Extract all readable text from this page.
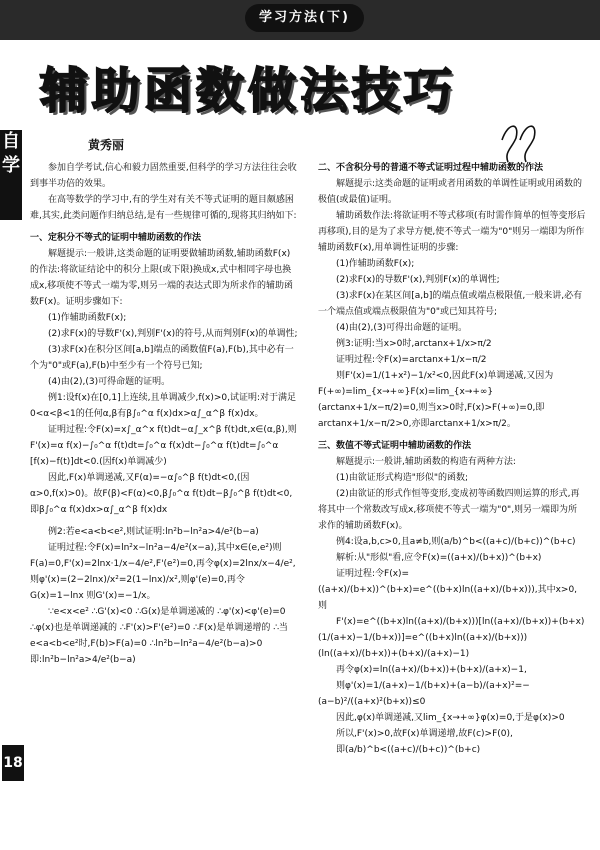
学习方法(下)
自学
辅助函数做法技巧
黄秀丽

参加自学考试,信心和毅力固然重要,但科学的学习方法往往会收到事半功倍的效果。

在高等数学的学习中,有的学生对有关不等式证明的题目颇感困难,其实,此类问题作归纳总结,是有一些规律可循的,现将其归纳如下:

一、定积分不等式的证明中辅助函数的作法

解题提示:一般讲,这类命题的证明要做辅助函数,辅助函数F(x)的作法:将欲证结论中的积分上限(或下限)换成x,式中相同字母也换成x,移项使不等式一端为零,则另一端的表达式即为所求作的辅助函数F(x)。证明步骤如下:

(1)作辅助函数F(x);

(2)求F(x)的导数F'(x),判别F'(x)的符号,从而判别F(x)的单调性;

(3)求F(x)在积分区间[a,b]端点的函数值F(a),F(b),其中必有一个为"0"或F(a),F(b)中至少有一个符号已知;

(4)由(2),(3)可得命题的证明。

例1:设f(x)在[0,1]上连续,且单调减少,f(x)>0,试证明:对于满足0<α<β<1的任何α,β有β∫₀^α f(x)dx>α∫_α^β f(x)dx。

证明过程:令F(x)=x∫_α^x f(t)dt−α∫_x^β f(t)dt,x∈(α,β),则F'(x)=α f(x)−∫₀^α f(t)dt=∫₀^α f(x)dt−∫₀^α f(t)dt=∫₀^α [f(x)−f(t)]dt<0.(因f(x)单调减少)

因此,F(x)单调递减,又F(α)=−α∫₀^β f(t)dt<0,(因α>0,f(x)>0)。故F(β)<F(α)<0,β∫₀^α f(t)dt−β∫₀^β f(t)dt<0,即β∫₀^α f(x)dx>α∫_α^β f(x)dx

例2:若e<a<b<e²,则试证明:ln²b−ln²a>4/e²(b−a)

证明过程:令F(x)=ln²x−ln²a−4/e²(x−a),其中x∈(e,e²)则F(a)=0,F'(x)=2lnx·1/x−4/e²,F'(e²)=0,再令φ(x)=2lnx/x−4/e²,则φ'(x)=(2−2lnx)/x²=2(1−lnx)/x²,则φ'(e)=0,再令G(x)=1−lnx 则G'(x)=−1/x。

∵e<x<e² ∴G'(x)<0 ∴G(x)是单调递减的 ∴φ'(x)<φ'(e)=0 ∴φ(x)也是单调递减的 ∴F'(x)>F'(e²)=0 ∴F(x)是单调递增的 ∴当e<a<b<e²时,F(b)>F(a)=0 ∴ln²b−ln²a−4/e²(b−a)>0 即:ln²b−ln²a>4/e²(b−a)

二、不含积分号的普通不等式证明过程中辅助函数的作法

解题提示:这类命题的证明或者用函数的单调性证明或用函数的极值(或最值)证明。

辅助函数作法:将欲证明不等式移项(有时需作简单的恒等变形后再移项),目的是为了求导方便,使不等式一端为"0"则另一端即为所作辅助函数F(x),用单调性证明的步骤:

(1)作辅助函数F(x);

(2)求F(x)的导数F'(x),判别F(x)的单调性;

(3)求F(x)在某区间[a,b]的端点值或端点极限值,一般来讲,必有一个端点值或端点极限值为"0"或已知其符号;

(4)由(2),(3)可得出命题的证明。

例3:证明:当x>0时,arctanx+1/x>π/2

证明过程:令F(x)=arctanx+1/x−π/2

则F'(x)=1/(1+x²)−1/x²<0,因此F(x)单调递减,又因为F(+∞)=lim_{x→+∞}F(x)=lim_{x→+∞}(arctanx+1/x−π/2)=0,则当x>0时,F(x)>F(+∞)=0,即arctanx+1/x−π/2>0,亦即arctanx+1/x>π/2。

三、数值不等式证明中辅助函数的作法

解题提示:一般讲,辅助函数的构造有两种方法:

(1)由欲证形式构造"形似"的函数;

(2)由欲证的形式作恒等变形,变成初等函数四则运算的形式,再将其中一个常数改写成x,移项使不等式一端为"0",则另一端即为所求作的辅助函数F(x)。

例4:设a,b,c>0,且a≠b,则(a/b)^b<((a+c)/(b+c))^(b+c)

解析:从"形似"看,应令F(x)=((a+x)/(b+x))^(b+x)

证明过程:令F(x)=((a+x)/(b+x))^(b+x)=e^((b+x)ln((a+x)/(b+x))),其中x>0,则

F'(x)=e^((b+x)ln((a+x)/(b+x)))[ln((a+x)/(b+x))+(b+x)(1/(a+x)−1/(b+x))]=e^((b+x)ln((a+x)/(b+x)))(ln((a+x)/(b+x))+(b+x)/(a+x)−1)

再令φ(x)=ln((a+x)/(b+x))+(b+x)/(a+x)−1,

则φ'(x)=1/(a+x)−1/(b+x)+(a−b)/(a+x)²=−(a−b)²/((a+x)²(b+x))≤0

因此,φ(x)单调递减,又lim_{x→+∞}φ(x)=0,于是φ(x)>0

所以,F'(x)>0,故F(x)单调递增,故F(c)>F(0),

即(a/b)^b<((a+c)/(b+c))^(b+c)

18
